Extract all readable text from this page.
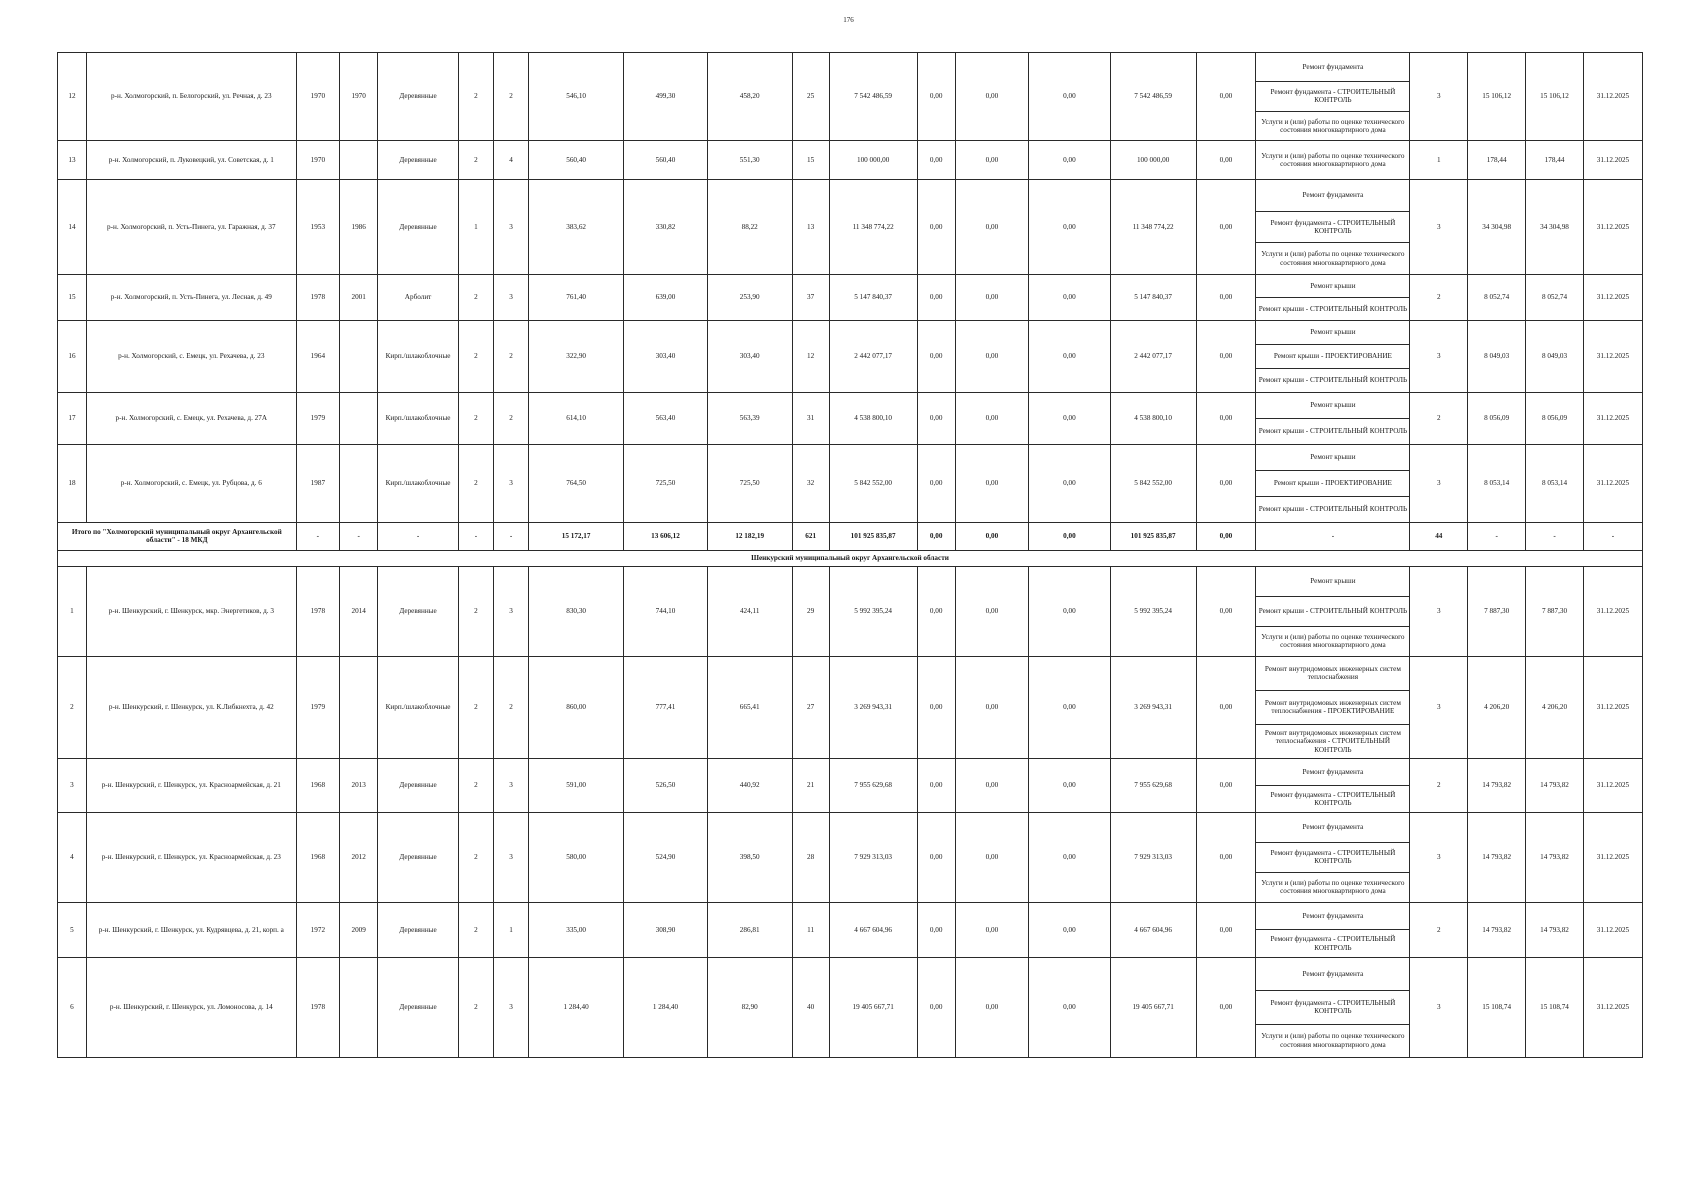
176
12	р-н. Холмогорский, п. Белогорский, ул. Речная, д. 23	1970	1970	Деревянные	2	2	546,10	499,30	458,20	25	7 542 486,59	0,00	0,00	0,00	7 542 486,59	0,00	Ремонт фундамента	3	15 106,12	15 106,12	31.12.2025
																	Ремонт фундамента - СТРОИТЕЛЬНЫЙ КОНТРОЛЬ				
																	Услуги и (или) работы по оценке технического состояния многоквартирного дома				
13	р-н. Холмогорский, п. Луковецкий, ул. Советская, д. 1	1970		Деревянные	2	4	560,40	560,40	551,30	15	100 000,00	0,00	0,00	0,00	100 000,00	0,00	Услуги и (или) работы по оценке технического состояния многоквартирного дома	1	178,44	178,44	31.12.2025
14	р-н. Холмогорский, п. Усть-Пинега, ул. Гаражная, д. 37	1953	1986	Деревянные	1	3	383,62	330,82	88,22	13	11 348 774,22	0,00	0,00	0,00	11 348 774,22	0,00	Ремонт фундамента	3	34 304,98	34 304,98	31.12.2025
																	Ремонт фундамента - СТРОИТЕЛЬНЫЙ КОНТРОЛЬ				
																	Услуги и (или) работы по оценке технического состояния многоквартирного дома				
15	р-н. Холмогорский, п. Усть-Пинега, ул. Лесная, д. 49	1978	2001	Арболит	2	3	761,40	639,00	253,90	37	5 147 840,37	0,00	0,00	0,00	5 147 840,37	0,00	Ремонт крыши	2	8 052,74	8 052,74	31.12.2025
																	Ремонт крыши - СТРОИТЕЛЬНЫЙ КОНТРОЛЬ				
16	р-н. Холмогорский, с. Емецк, ул. Рехачева, д. 23	1964		Кирп./шлакоблочные	2	2	322,90	303,40	303,40	12	2 442 077,17	0,00	0,00	0,00	2 442 077,17	0,00	Ремонт крыши	3	8 049,03	8 049,03	31.12.2025
																	Ремонт крыши - ПРОЕКТИРОВАНИЕ				
																	Ремонт крыши - СТРОИТЕЛЬНЫЙ КОНТРОЛЬ				
17	р-н. Холмогорский, с. Емецк, ул. Рехачева, д. 27А	1979		Кирп./шлакоблочные	2	2	614,10	563,40	563,39	31	4 538 800,10	0,00	0,00	0,00	4 538 800,10	0,00	Ремонт крыши	2	8 056,09	8 056,09	31.12.2025
																	Ремонт крыши - СТРОИТЕЛЬНЫЙ КОНТРОЛЬ				
18	р-н. Холмогорский, с. Емецк, ул. Рубцова, д. 6	1987		Кирп./шлакоблочные	2	3	764,50	725,50	725,50	32	5 842 552,00	0,00	0,00	0,00	5 842 552,00	0,00	Ремонт крыши	3	8 053,14	8 053,14	31.12.2025
																	Ремонт крыши - ПРОЕКТИРОВАНИЕ				
																	Ремонт крыши - СТРОИТЕЛЬНЫЙ КОНТРОЛЬ				
Итого по "Холмогорский муниципальный округ Архангельской области" - 18 МКД		-	-	-	-	-	15 172,17	13 606,12	12 182,19	621	101 925 835,87	0,00	0,00	0,00	101 925 835,87	0,00	-	44	-	-	-
Шенкурский муниципальный округ Архангельской области																					
1	р-н. Шенкурский, г. Шенкурск, мкр. Энергетиков, д. 3	1978	2014	Деревянные	2	3	830,30	744,10	424,11	29	5 992 395,24	0,00	0,00	0,00	5 992 395,24	0,00	Ремонт крыши	3	7 887,30	7 887,30	31.12.2025
																	Ремонт крыши - СТРОИТЕЛЬНЫЙ КОНТРОЛЬ				
																	Услуги и (или) работы по оценке технического состояния многоквартирного дома				
2	р-н. Шенкурский, г. Шенкурск, ул. К.Либкнехта, д. 42	1979		Кирп./шлакоблочные	2	2	860,00	777,41	665,41	27	3 269 943,31	0,00	0,00	0,00	3 269 943,31	0,00	Ремонт внутридомовых инженерных систем теплоснабжения	3	4 206,20	4 206,20	31.12.2025
																	Ремонт внутридомовых инженерных систем теплоснабжения - ПРОЕКТИРОВАНИЕ				
																	Ремонт внутридомовых инженерных систем теплоснабжения - СТРОИТЕЛЬНЫЙ КОНТРОЛЬ				
3	р-н. Шенкурский, г. Шенкурск, ул. Красноармейская, д. 21	1968	2013	Деревянные	2	3	591,00	526,50	440,92	21	7 955 629,68	0,00	0,00	0,00	7 955 629,68	0,00	Ремонт фундамента	2	14 793,82	14 793,82	31.12.2025
																	Ремонт фундамента - СТРОИТЕЛЬНЫЙ КОНТРОЛЬ				
4	р-н. Шенкурский, г. Шенкурск, ул. Красноармейская, д. 23	1968	2012	Деревянные	2	3	580,00	524,90	398,50	28	7 929 313,03	0,00	0,00	0,00	7 929 313,03	0,00	Ремонт фундамента	3	14 793,82	14 793,82	31.12.2025
																	Ремонт фундамента - СТРОИТЕЛЬНЫЙ КОНТРОЛЬ				
																	Услуги и (или) работы по оценке технического состояния многоквартирного дома				
5	р-н. Шенкурский, г. Шенкурск, ул. Кудрявцева, д. 21, корп. а	1972	2009	Деревянные	2	1	335,00	308,90	286,81	11	4 667 604,96	0,00	0,00	0,00	4 667 604,96	0,00	Ремонт фундамента	2	14 793,82	14 793,82	31.12.2025
																	Ремонт фундамента - СТРОИТЕЛЬНЫЙ КОНТРОЛЬ				
6	р-н. Шенкурский, г. Шенкурск, ул. Ломоносова, д. 14	1978		Деревянные	2	3	1 284,40	1 284,40	82,90	40	19 405 667,71	0,00	0,00	0,00	19 405 667,71	0,00	Ремонт фундамента	3	15 108,74	15 108,74	31.12.2025
																	Ремонт фундамента - СТРОИТЕЛЬНЫЙ КОНТРОЛЬ				
																	Услуги и (или) работы по оценке технического состояния многоквартирного дома				
